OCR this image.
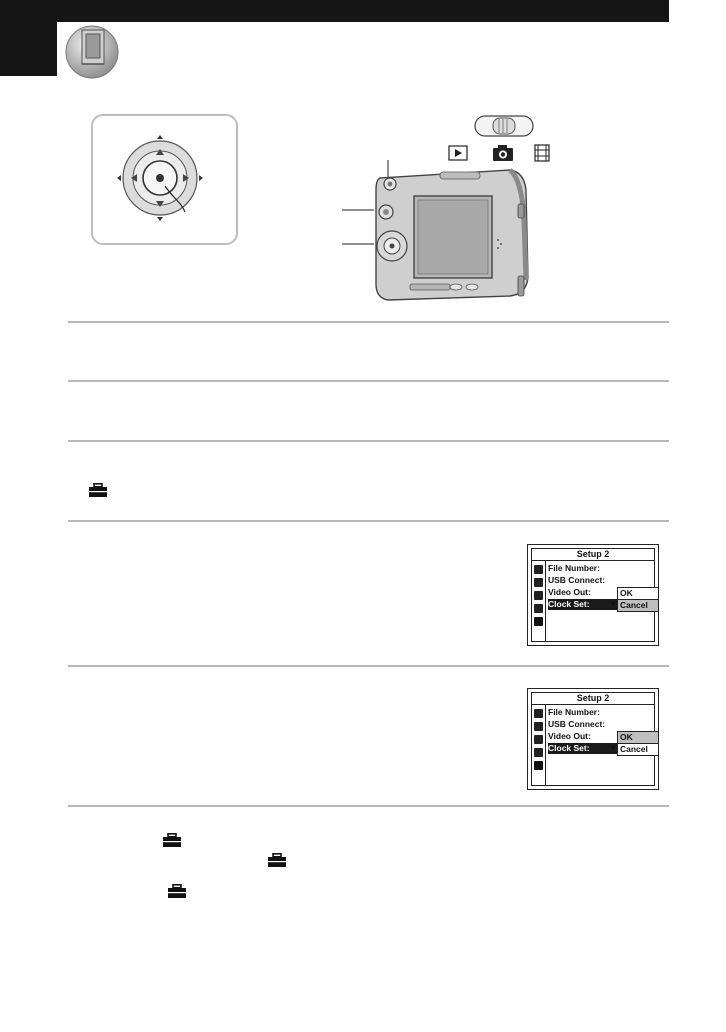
Setup 2
File Number:
USB Connect:
Video Out:
Clock Set:	◀
OK
Cancel
Setup 2
File Number:
USB Connect:
Video Out:
Clock Set:	◀
OK
Cancel
